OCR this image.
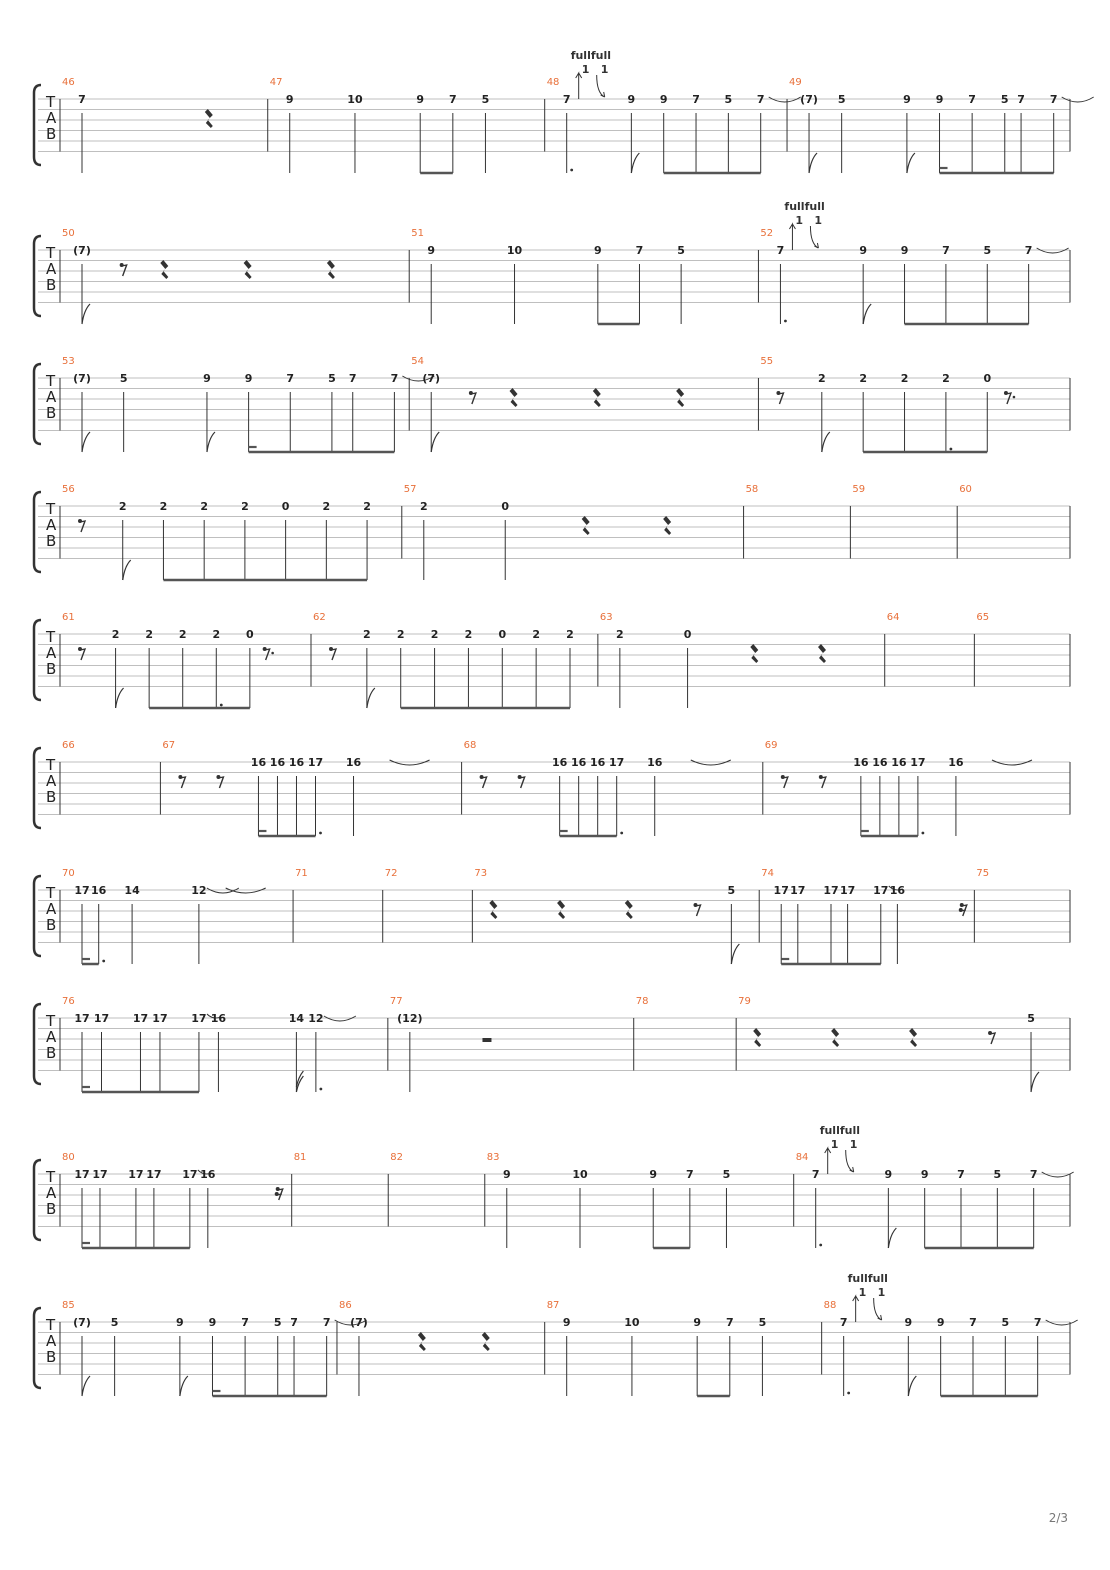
T
A
B
46
7
47
9	10	9 7 5
48
7
1 1
fullfull
9 9 7 5 7
49
(7) 5	9 9 7 5 7 7
T
A
B
50
(7)
51
9	10	9	7	5
52
7
1 1
fullfull
9	9	7	5	7
T
A
B
53
(7)	5	9	9	7	5 7	7
54
(7)
55
2	2	2	2	0
T
A
B
56
2	2	2	2	0	2	2
57
2	0
58	59	60
T
A
B
61
2 2 2 2 0
62
2 2 2 2 0 2 2
63
2	0
64	65
T
A
B
66	67
16 16 16 17 16
68
16 16 16 17 16
69
16 16 16 17 16
T
A
B
70
17 16 14	12
71	72	73
5
74
17 17 17 17 17 16
75
T
A
B
76
17 17 17 17 17 16	14 12
77
(12)
78	79
5
T
A
B
80
17 17 17 17 17 16
81	82	83
9	10	9	7	5
84
7
1 1
fullfull
9	9	7	5	7
T
A
B
85
(7) 5	9 9 7 5 7 7
86
(7)
87
9	10	9 7 5
88
7
1 1
fullfull
9 9 7 5 7
2/3
